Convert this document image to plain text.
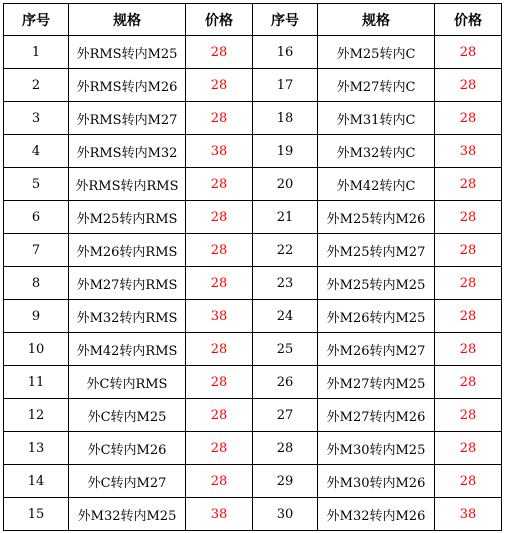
序号	规格	价格	序号	规格	价格
1	外RMS转内M25	28	16	外M25转内C	28
2	外RMS转内M26	28	17	外M27转内C	28
3	外RMS转内M27	28	18	外M31转内C	28
4	外RMS转内M32	38	19	外M32转内C	38
5	外RMS转内RMS	28	20	外M42转内C	28
6	外M25转内RMS	28	21	外M25转内M26	28
7	外M26转内RMS	28	22	外M25转内M27	28
8	外M27转内RMS	28	23	外M25转内M25	28
9	外M32转内RMS	38	24	外M26转内M25	28
10	外M42转内RMS	28	25	外M26转内M27	28
11	外C转内RMS	28	26	外M27转内M25	28
12	外C转内M25	28	27	外M27转内M26	28
13	外C转内M26	28	28	外M30转内M25	28
14	外C转内M27	28	29	外M30转内M26	28
15	外M32转内M25	38	30	外M32转内M26	38
